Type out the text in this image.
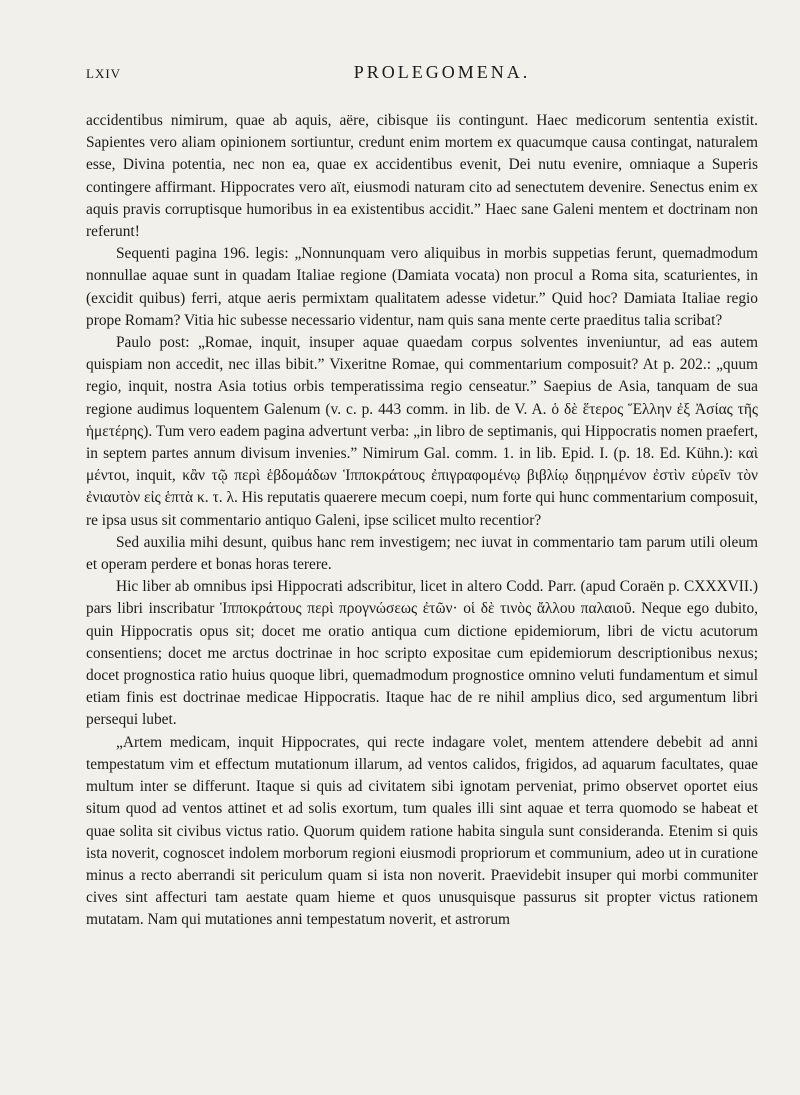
LXIV	PROLEGOMENA.

accidentibus nimirum, quae ab aquis, aëre, cibisque iis contingunt. Haec medicorum sententia existit. Sapientes vero aliam opinionem sortiuntur, credunt enim mortem ex quacumque causa contingat, naturalem esse, Divina potentia, nec non ea, quae ex accidentibus evenit, Dei nutu evenire, omniaque a Superis contingere affirmant. Hippocrates vero aït, eiusmodi naturam cito ad senectutem devenire. Senectus enim ex aquis pravis corruptisque humoribus in ea existentibus accidit.” Haec sane Galeni mentem et doctrinam non referunt!

Sequenti pagina 196. legis: „Nonnunquam vero aliquibus in morbis suppetias ferunt, quemadmodum nonnullae aquae sunt in quadam Italiae regione (Damiata vocata) non procul a Roma sita, scaturientes, in (excidit quibus) ferri, atque aeris permixtam qualitatem adesse videtur.” Quid hoc? Damiata Italiae regio prope Romam? Vitia hic subesse necessario videntur, nam quis sana mente certe praeditus talia scribat?

Paulo post: „Romae, inquit, insuper aquae quaedam corpus solventes inveniuntur, ad eas autem quispiam non accedit, nec illas bibit.” Vixeritne Romae, qui commentarium composuit? At p. 202.: „quum regio, inquit, nostra Asia totius orbis temperatissima regio censeatur.” Saepius de Asia, tanquam de sua regione audimus loquentem Galenum (v. c. p. 443 comm. in lib. de V. A. ὁ δὲ ἕτερος Ἕλλην ἐξ Ἀσίας τῆς ἡμετέρης). Tum vero eadem pagina advertunt verba: „in libro de septimanis, qui Hippocratis nomen praefert, in septem partes annum divisum invenies.” Nimirum Gal. comm. 1. in lib. Epid. I. (p. 18. Ed. Kühn.): καὶ μέντοι, inquit, κἂν τῷ περὶ ἑβδομάδων Ἱπποκράτους ἐπιγραφομένῳ βιβλίῳ διῃρημένον ἐστὶν εὑρεῖν τὸν ἐνιαυτὸν εἰς ἑπτὰ κ. τ. λ. His reputatis quaerere mecum coepi, num forte qui hunc commentarium composuit, re ipsa usus sit commentario antiquo Galeni, ipse scilicet multo recentior?

Sed auxilia mihi desunt, quibus hanc rem investigem; nec iuvat in commentario tam parum utili oleum et operam perdere et bonas horas terere.

Hic liber ab omnibus ipsi Hippocrati adscribitur, licet in altero Codd. Parr. (apud Coraën p. CXXXVII.) pars libri inscribatur Ἱπποκράτους περὶ προγνώσεως ἐτῶν· οἱ δὲ τινὸς ἄλλου παλαιοῦ. Neque ego dubito, quin Hippocratis opus sit; docet me oratio antiqua cum dictione epidemiorum, libri de victu acutorum consentiens; docet me arctus doctrinae in hoc scripto expositae cum epidemiorum descriptionibus nexus; docet prognostica ratio huius quoque libri, quemadmodum prognostice omnino veluti fundamentum et simul etiam finis est doctrinae medicae Hippocratis. Itaque hac de re nihil amplius dico, sed argumentum libri persequi lubet.

„Artem medicam, inquit Hippocrates, qui recte indagare volet, mentem attendere debebit ad anni tempestatum vim et effectum mutationum illarum, ad ventos calidos, frigidos, ad aquarum facultates, quae multum inter se differunt. Itaque si quis ad civitatem sibi ignotam perveniat, primo observet oportet eius situm quod ad ventos attinet et ad solis exortum, tum quales illi sint aquae et terra quomodo se habeat et quae solita sit civibus victus ratio. Quorum quidem ratione habita singula sunt consideranda. Etenim si quis ista noverit, cognoscet indolem morborum regioni eiusmodi propriorum et communium, adeo ut in curatione minus a recto aberrandi sit periculum quam si ista non noverit. Praevidebit insuper qui morbi communiter cives sint affecturi tam aestate quam hieme et quos unusquisque passurus sit propter victus rationem mutatam. Nam qui mutationes anni tempestatum noverit, et astrorum
